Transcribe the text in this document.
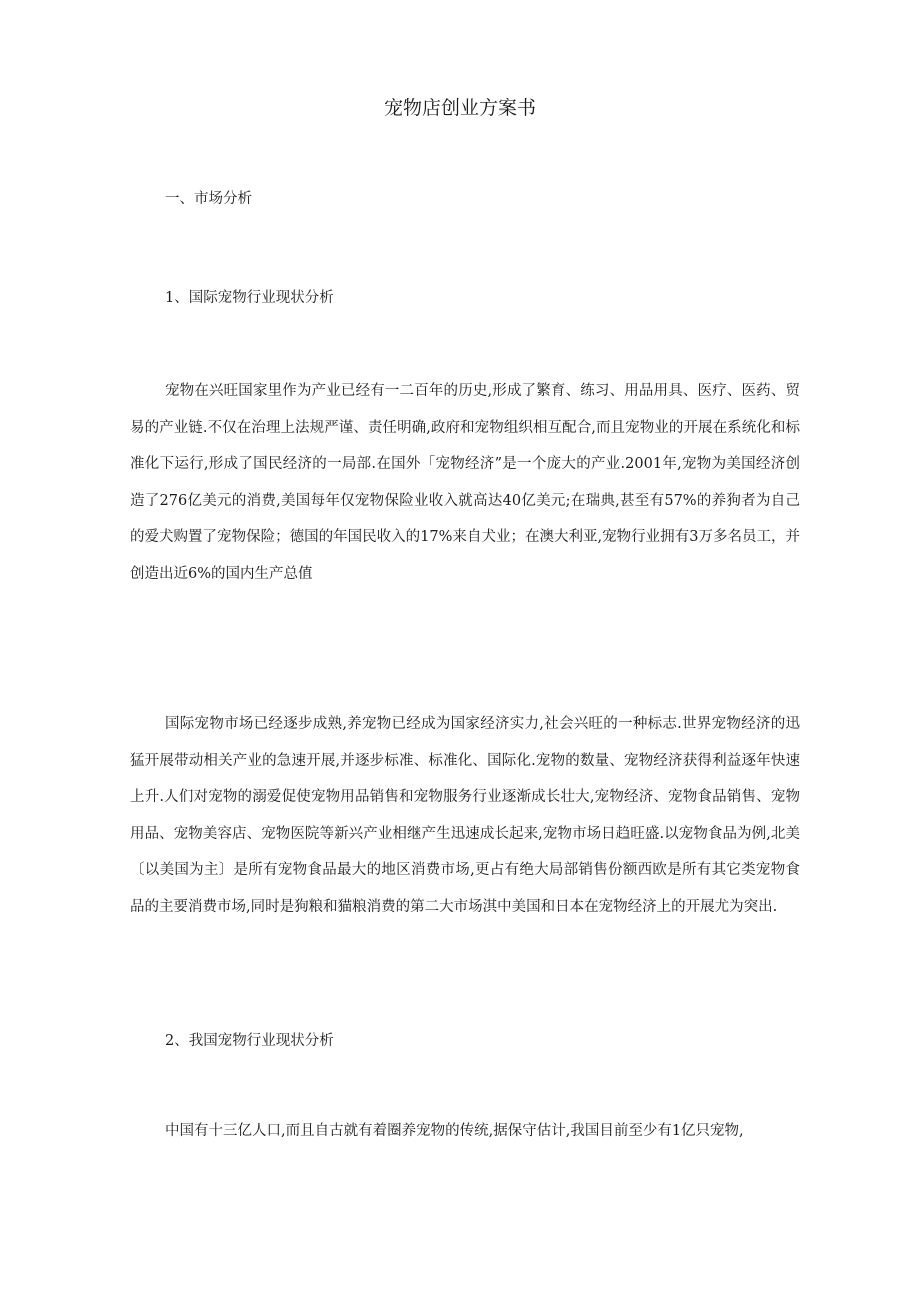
宠物店创业方案书

一、市场分析

1、国际宠物行业现状分析

宠物在兴旺国家里作为产业已经有一二百年的历史,形成了繁育、练习、用品用具、医疗、医药、贸易的产业链.不仅在治理上法规严谨、责任明确,政府和宠物组织相互配合,而且宠物业的开展在系统化和标准化下运行,形成了国民经济的一局部.在国外「宠物经济”是一个庞大的产业.2001年,宠物为美国经济创造了276亿美元的消费,美国每年仅宠物保险业收入就高达40亿美元;在瑞典,甚至有57%的养狗者为自己的爱犬购置了宠物保险；德国的年国民收入的17%来自犬业；在澳大利亚,宠物行业拥有3万多名员工，并创造出近6%的国内生产总值

国际宠物市场已经逐步成熟,养宠物已经成为国家经济实力,社会兴旺的一种标志.世界宠物经济的迅猛开展带动相关产业的急速开展,并逐步标准、标准化、国际化.宠物的数量、宠物经济获得利益逐年快速上升.人们对宠物的溺爱促使宠物用品销售和宠物服务行业逐渐成长壮大,宠物经济、宠物食品销售、宠物用品、宠物美容店、宠物医院等新兴产业相继产生迅速成长起来,宠物市场日趋旺盛.以宠物食品为例,北美〔以美国为主〕是所有宠物食品最大的地区消费市场,更占有绝大局部销售份额西欧是所有其它类宠物食品的主要消费市场,同时是狗粮和猫粮消费的第二大市场淇中美国和日本在宠物经济上的开展尤为突出.

2、我国宠物行业现状分析

中国有十三亿人口,而且自古就有着圈养宠物的传统,据保守估计,我国目前至少有1亿只宠物,
